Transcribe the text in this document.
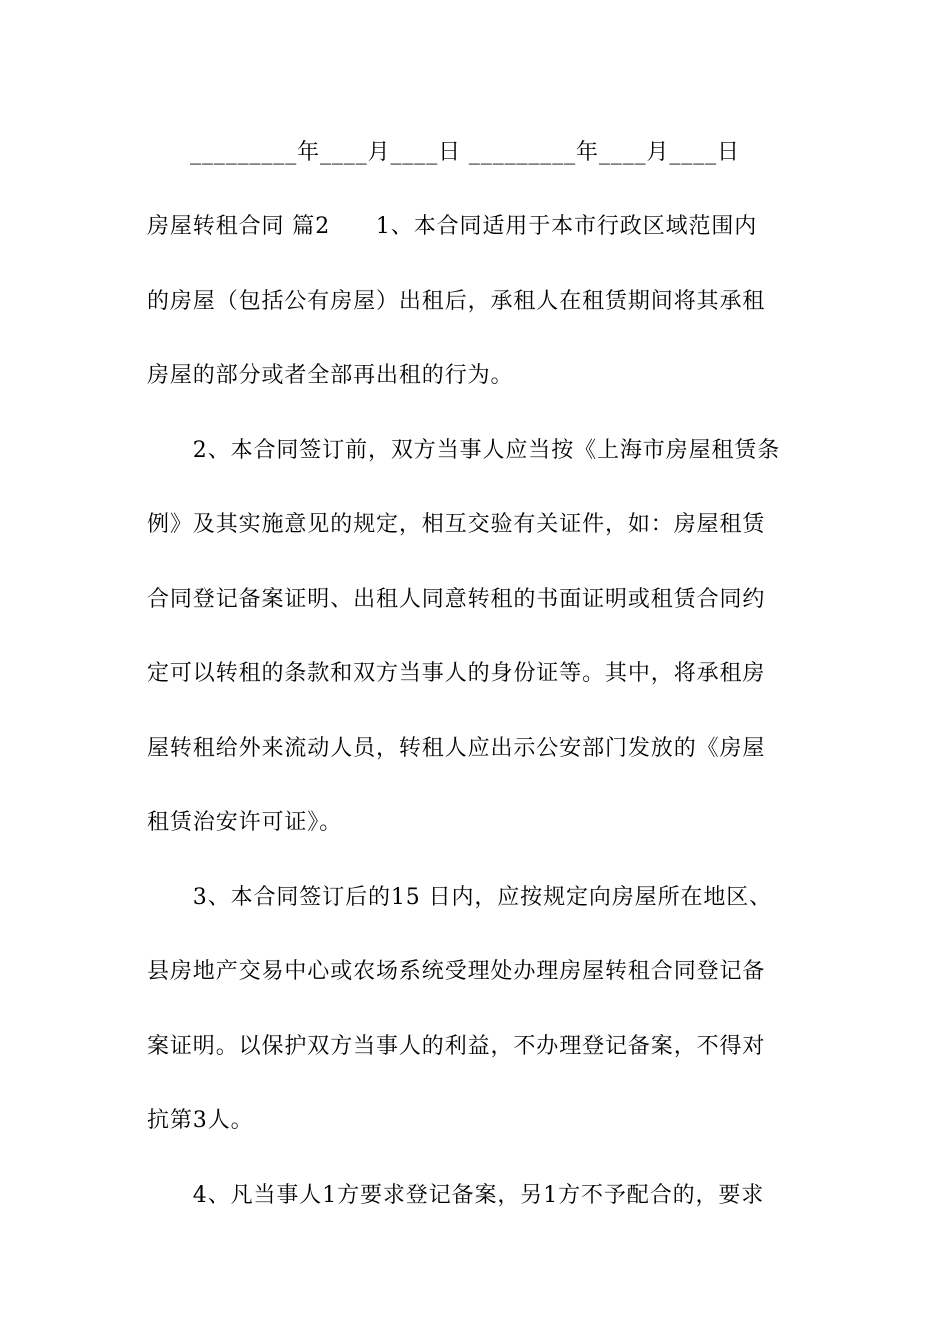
_________年____月____日 _________年____月____日
房屋转租合同 篇2　　1、本合同适用于本市行政区域范围内
的房屋（包括公有房屋）出租后，承租人在租赁期间将其承租
房屋的部分或者全部再出租的行为。
　　2、本合同签订前，双方当事人应当按《上海市房屋租赁条
例》及其实施意见的规定，相互交验有关证件，如：房屋租赁
合同登记备案证明、出租人同意转租的书面证明或租赁合同约
定可以转租的条款和双方当事人的身份证等。其中，将承租房
屋转租给外来流动人员，转租人应出示公安部门发放的《房屋
租赁治安许可证》。
　　3、本合同签订后的15 日内，应按规定向房屋所在地区、
县房地产交易中心或农场系统受理处办理房屋转租合同登记备
案证明。以保护双方当事人的利益，不办理登记备案，不得对
抗第3人。
　　4、凡当事人1方要求登记备案，另1方不予配合的，要求
